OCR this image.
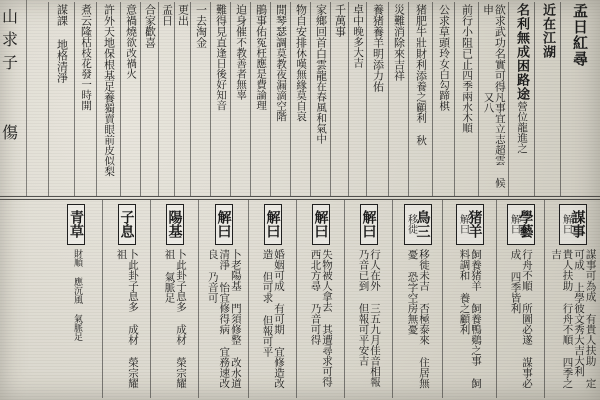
孟日紅尋
近在江湖
名利無成困路途
營位龍進之
欲求武功名實可得申
凡事宜立志超雲 候又八
前行小阻已止
四季兩水木順
公求草頭
玲女白勾蹄棋
猪肥牛壯財利添
養之顧利 秋
災難消除來吉祥
養猪養羊明添力佑
卓中
晚多大吉
千萬事
家鄉回首白雲龍
在春風和氣中
物自安排
休嘆無緣莫自哀
閒琴瑟調
莫教夜漏滴空階
鵑事佑
冤枉應是費論理
迫身催
不教善者無辜
難得見
直逢日後好知音
一去淘金
更出
孟日
合家歡喜
意禍燒
欲改禍火
許外天地保根基足養
獨賣眼前皮似梨
煮云隆
枯枝花發一時開
謀課 地格清淨
山求子
傷
謀事
解曰
謀事可為成 有貴人扶助 定可成 上學彼文秀大吉大利 貴人扶助 行舟不順 四季之吉
學藝
解曰
行舟不順 所圖必遂 謀事必成 四季皆利
猪羊
解曰
飼養猪羊 飼養鴨鷄之事 飼料調和 養之顧利
鳥三
移徙
移徙未吉 否極泰來 住居無憂 恐字空房無憂
解曰
行人在外 三五九月佳音相報 乃音已到 但報可平安吉
解曰
失物被人拿去 其遭尋求可得 西北方尋 乃音可得
解曰
婚姻可成 有可期 宜修造改造 但可求 但報可平
解曰
卜老陽基 門須修整 改水道清淨 怡宜修得病 宜務速改良 乃音可
陽基
卜此卦子息多 成材 榮宗耀祖 氣脈足
子息
卜此卦子息多 成材 榮宗耀祖
青草
財順 應沉風 氣脈足
